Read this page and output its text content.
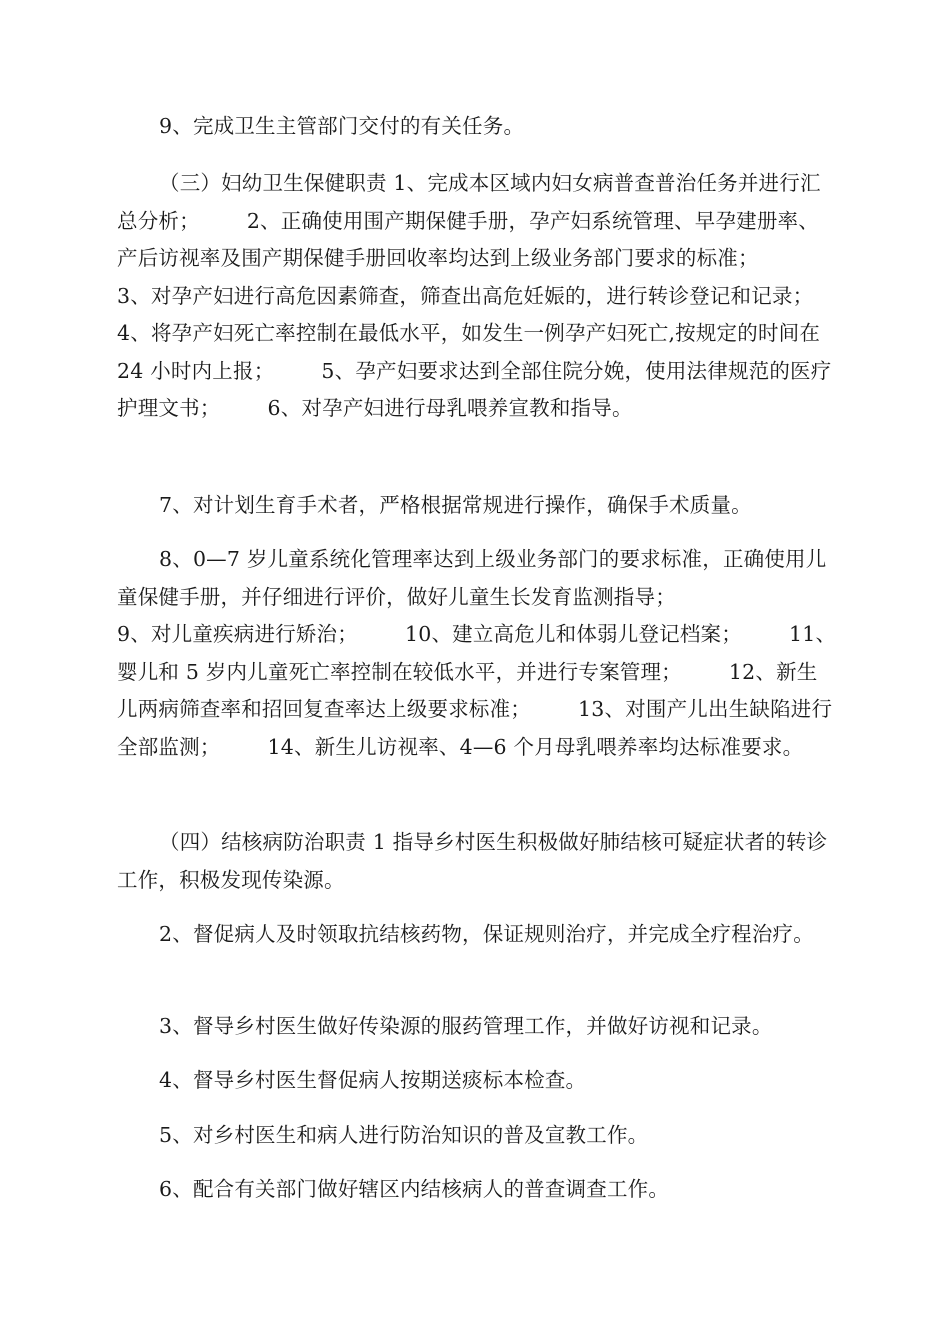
9、完成卫生主管部门交付的有关任务。

（三）妇幼卫生保健职责 1、完成本区域内妇女病普查普治任务并进行汇总分析；       2、正确使用围产期保健手册，孕产妇系统管理、早孕建册率、产后访视率及围产期保健手册回收率均达到上级业务部门要求的标准；       3、对孕产妇进行高危因素筛查，筛查出高危妊娠的，进行转诊登记和记录；       4、将孕产妇死亡率控制在最低水平，如发生一例孕产妇死亡,按规定的时间在 24 小时内上报；       5、孕产妇要求达到全部住院分娩，使用法律规范的医疗护理文书；       6、对孕产妇进行母乳喂养宣教和指导。

7、对计划生育手术者，严格根据常规进行操作，确保手术质量。

8、0—7 岁儿童系统化管理率达到上级业务部门的要求标准，正确使用儿童保健手册，并仔细进行评价，做好儿童生长发育监测指导；

9、对儿童疾病进行矫治；       10、建立高危儿和体弱儿登记档案；       11、婴儿和 5 岁内儿童死亡率控制在较低水平，并进行专案管理；       12、新生儿两病筛查率和招回复查率达上级要求标准；       13、对围产儿出生缺陷进行全部监测；       14、新生儿访视率、4—6 个月母乳喂养率均达标准要求。

（四）结核病防治职责 1 指导乡村医生积极做好肺结核可疑症状者的转诊工作，积极发现传染源。

2、督促病人及时领取抗结核药物，保证规则治疗，并完成全疗程治疗。

3、督导乡村医生做好传染源的服药管理工作，并做好访视和记录。

4、督导乡村医生督促病人按期送痰标本检查。

5、对乡村医生和病人进行防治知识的普及宣教工作。

6、配合有关部门做好辖区内结核病人的普查调查工作。
